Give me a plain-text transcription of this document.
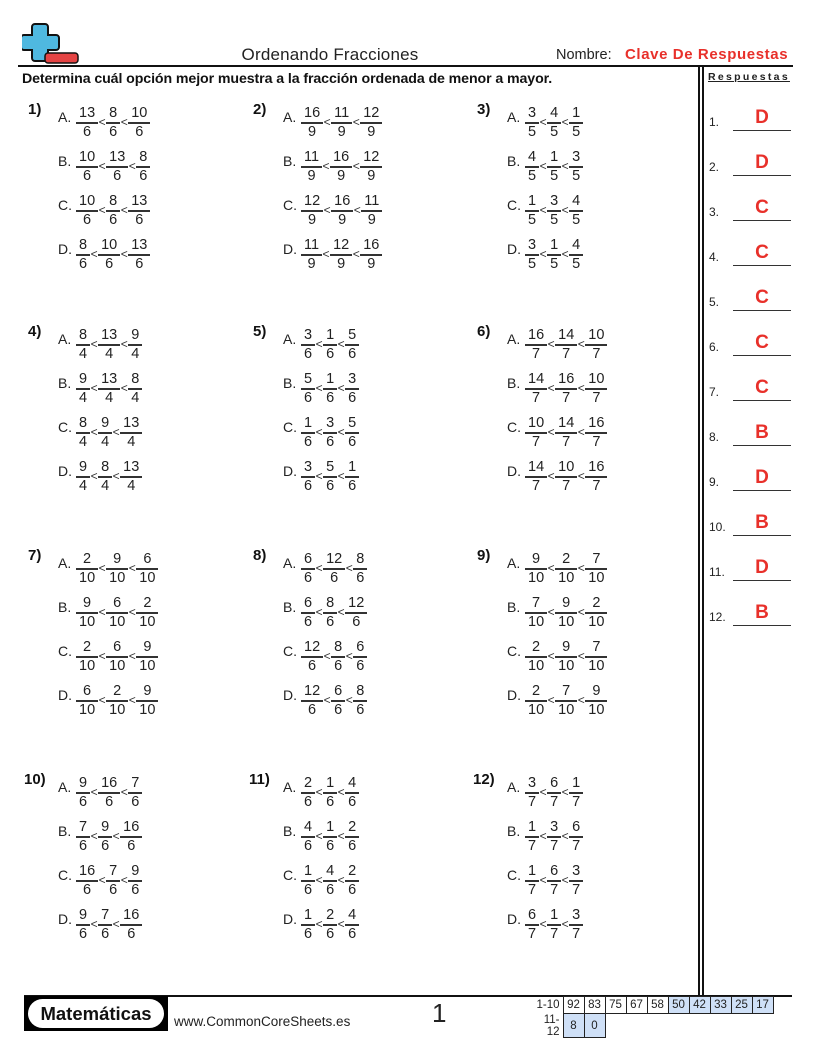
Ordenando Fracciones	Nombre: Clave De Respuestas
Determina cuál opción mejor muestra a la fracción ordenada de menor a mayor.	Respuestas
1.	D
2.	D
3.	C
4.	C
5.	C
6.	C
7.	C
8.	B
9.	D
10.	B
11.	D
12.	B
1) A. $\frac{13}{6} < \frac{8}{6} < \frac{10}{6}$
B. $\frac{10}{6} < \frac{13}{6} < \frac{8}{6}$
C. $\frac{10}{6} < \frac{8}{6} < \frac{13}{6}$
D. $\frac{8}{6} < \frac{10}{6} < \frac{13}{6}$
2) A. $\frac{16}{9} < \frac{11}{9} < \frac{12}{9}$
B. $\frac{11}{9} < \frac{16}{9} < \frac{12}{9}$
C. $\frac{12}{9} < \frac{16}{9} < \frac{11}{9}$
D. $\frac{11}{9} < \frac{12}{9} < \frac{16}{9}$
3) A. $\frac{3}{5} < \frac{4}{5} < \frac{1}{5}$
B. $\frac{4}{5} < \frac{1}{5} < \frac{3}{5}$
C. $\frac{1}{5} < \frac{3}{5} < \frac{4}{5}$
D. $\frac{3}{5} < \frac{1}{5} < \frac{4}{5}$
4) A. $\frac{8}{4} < \frac{13}{4} < \frac{9}{4}$
B. $\frac{9}{4} < \frac{13}{4} < \frac{8}{4}$
C. $\frac{8}{4} < \frac{9}{4} < \frac{13}{4}$
D. $\frac{9}{4} < \frac{8}{4} < \frac{13}{4}$
5) A. $\frac{3}{6} < \frac{1}{6} < \frac{5}{6}$
B. $\frac{5}{6} < \frac{1}{6} < \frac{3}{6}$
C. $\frac{1}{6} < \frac{3}{6} < \frac{5}{6}$
D. $\frac{3}{6} < \frac{5}{6} < \frac{1}{6}$
6) A. $\frac{16}{7} < \frac{14}{7} < \frac{10}{7}$
B. $\frac{14}{7} < \frac{16}{7} < \frac{10}{7}$
C. $\frac{10}{7} < \frac{14}{7} < \frac{16}{7}$
D. $\frac{14}{7} < \frac{10}{7} < \frac{16}{7}$
7) A. $\frac{2}{10} < \frac{9}{10} < \frac{6}{10}$
B. $\frac{9}{10} < \frac{6}{10} < \frac{2}{10}$
C. $\frac{2}{10} < \frac{6}{10} < \frac{9}{10}$
D. $\frac{6}{10} < \frac{2}{10} < \frac{9}{10}$
8) A. $\frac{6}{6} < \frac{12}{6} < \frac{8}{6}$
B. $\frac{6}{6} < \frac{8}{6} < \frac{12}{6}$
C. $\frac{12}{6} < \frac{8}{6} < \frac{6}{6}$
D. $\frac{12}{6} < \frac{6}{6} < \frac{8}{6}$
9) A. $\frac{9}{10} < \frac{2}{10} < \frac{7}{10}$
B. $\frac{7}{10} < \frac{9}{10} < \frac{2}{10}$
C. $\frac{2}{10} < \frac{9}{10} < \frac{7}{10}$
D. $\frac{2}{10} < \frac{7}{10} < \frac{9}{10}$
10) A. $\frac{9}{6} < \frac{16}{6} < \frac{7}{6}$
B. $\frac{7}{6} < \frac{9}{6} < \frac{16}{6}$
C. $\frac{16}{6} < \frac{7}{6} < \frac{9}{6}$
D. $\frac{9}{6} < \frac{7}{6} < \frac{16}{6}$
11) A. $\frac{2}{6} < \frac{1}{6} < \frac{4}{6}$
B. $\frac{4}{6} < \frac{1}{6} < \frac{2}{6}$
C. $\frac{1}{6} < \frac{4}{6} < \frac{2}{6}$
D. $\frac{1}{6} < \frac{2}{6} < \frac{4}{6}$
12) A. $\frac{3}{7} < \frac{6}{7} < \frac{1}{7}$
B. $\frac{1}{7} < \frac{3}{7} < \frac{6}{7}$
C. $\frac{1}{7} < \frac{6}{7} < \frac{3}{7}$
D. $\frac{6}{7} < \frac{1}{7} < \frac{3}{7}$
Matemáticas	www.CommonCoreSheets.es	1	1-10	92	83	75	67	58	50	42	33	25	17
11-12	8	0								
